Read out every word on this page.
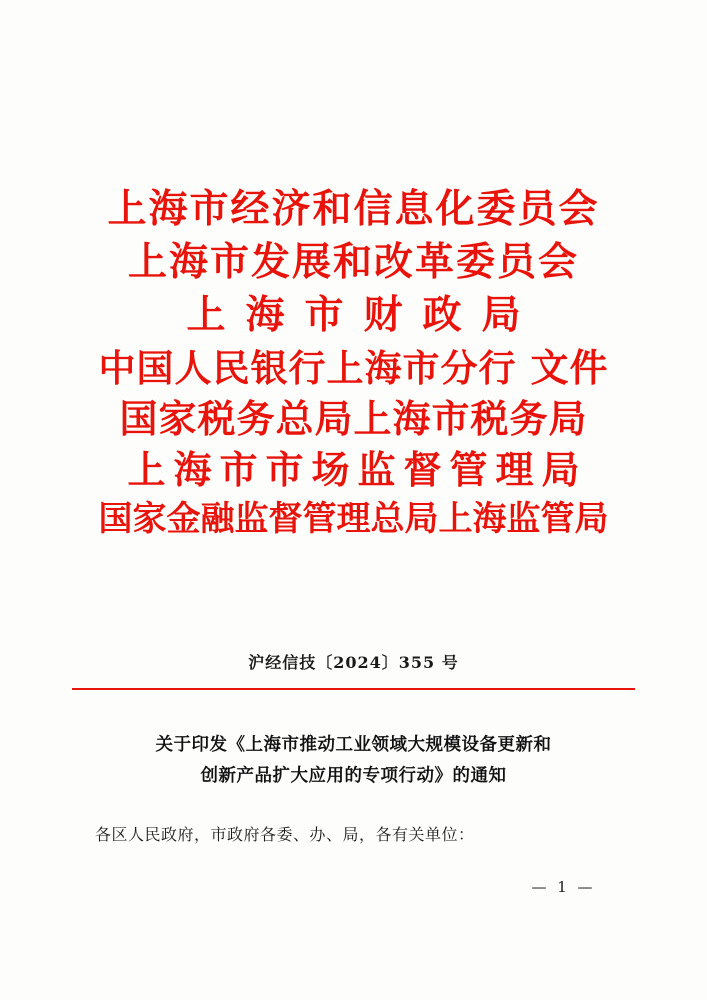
上海市经济和信息化委员会
上海市发展和改革委员会
上海市财政局
中国人民银行上海市分行 文件
国家税务总局上海市税务局
上海市市场监督管理局
国家金融监督管理总局上海监管局
沪经信技〔2024〕355 号
关于印发《上海市推动工业领域大规模设备更新和
创新产品扩大应用的专项行动》的通知
各区人民政府，市政府各委、办、局，各有关单位：
— 1 —
